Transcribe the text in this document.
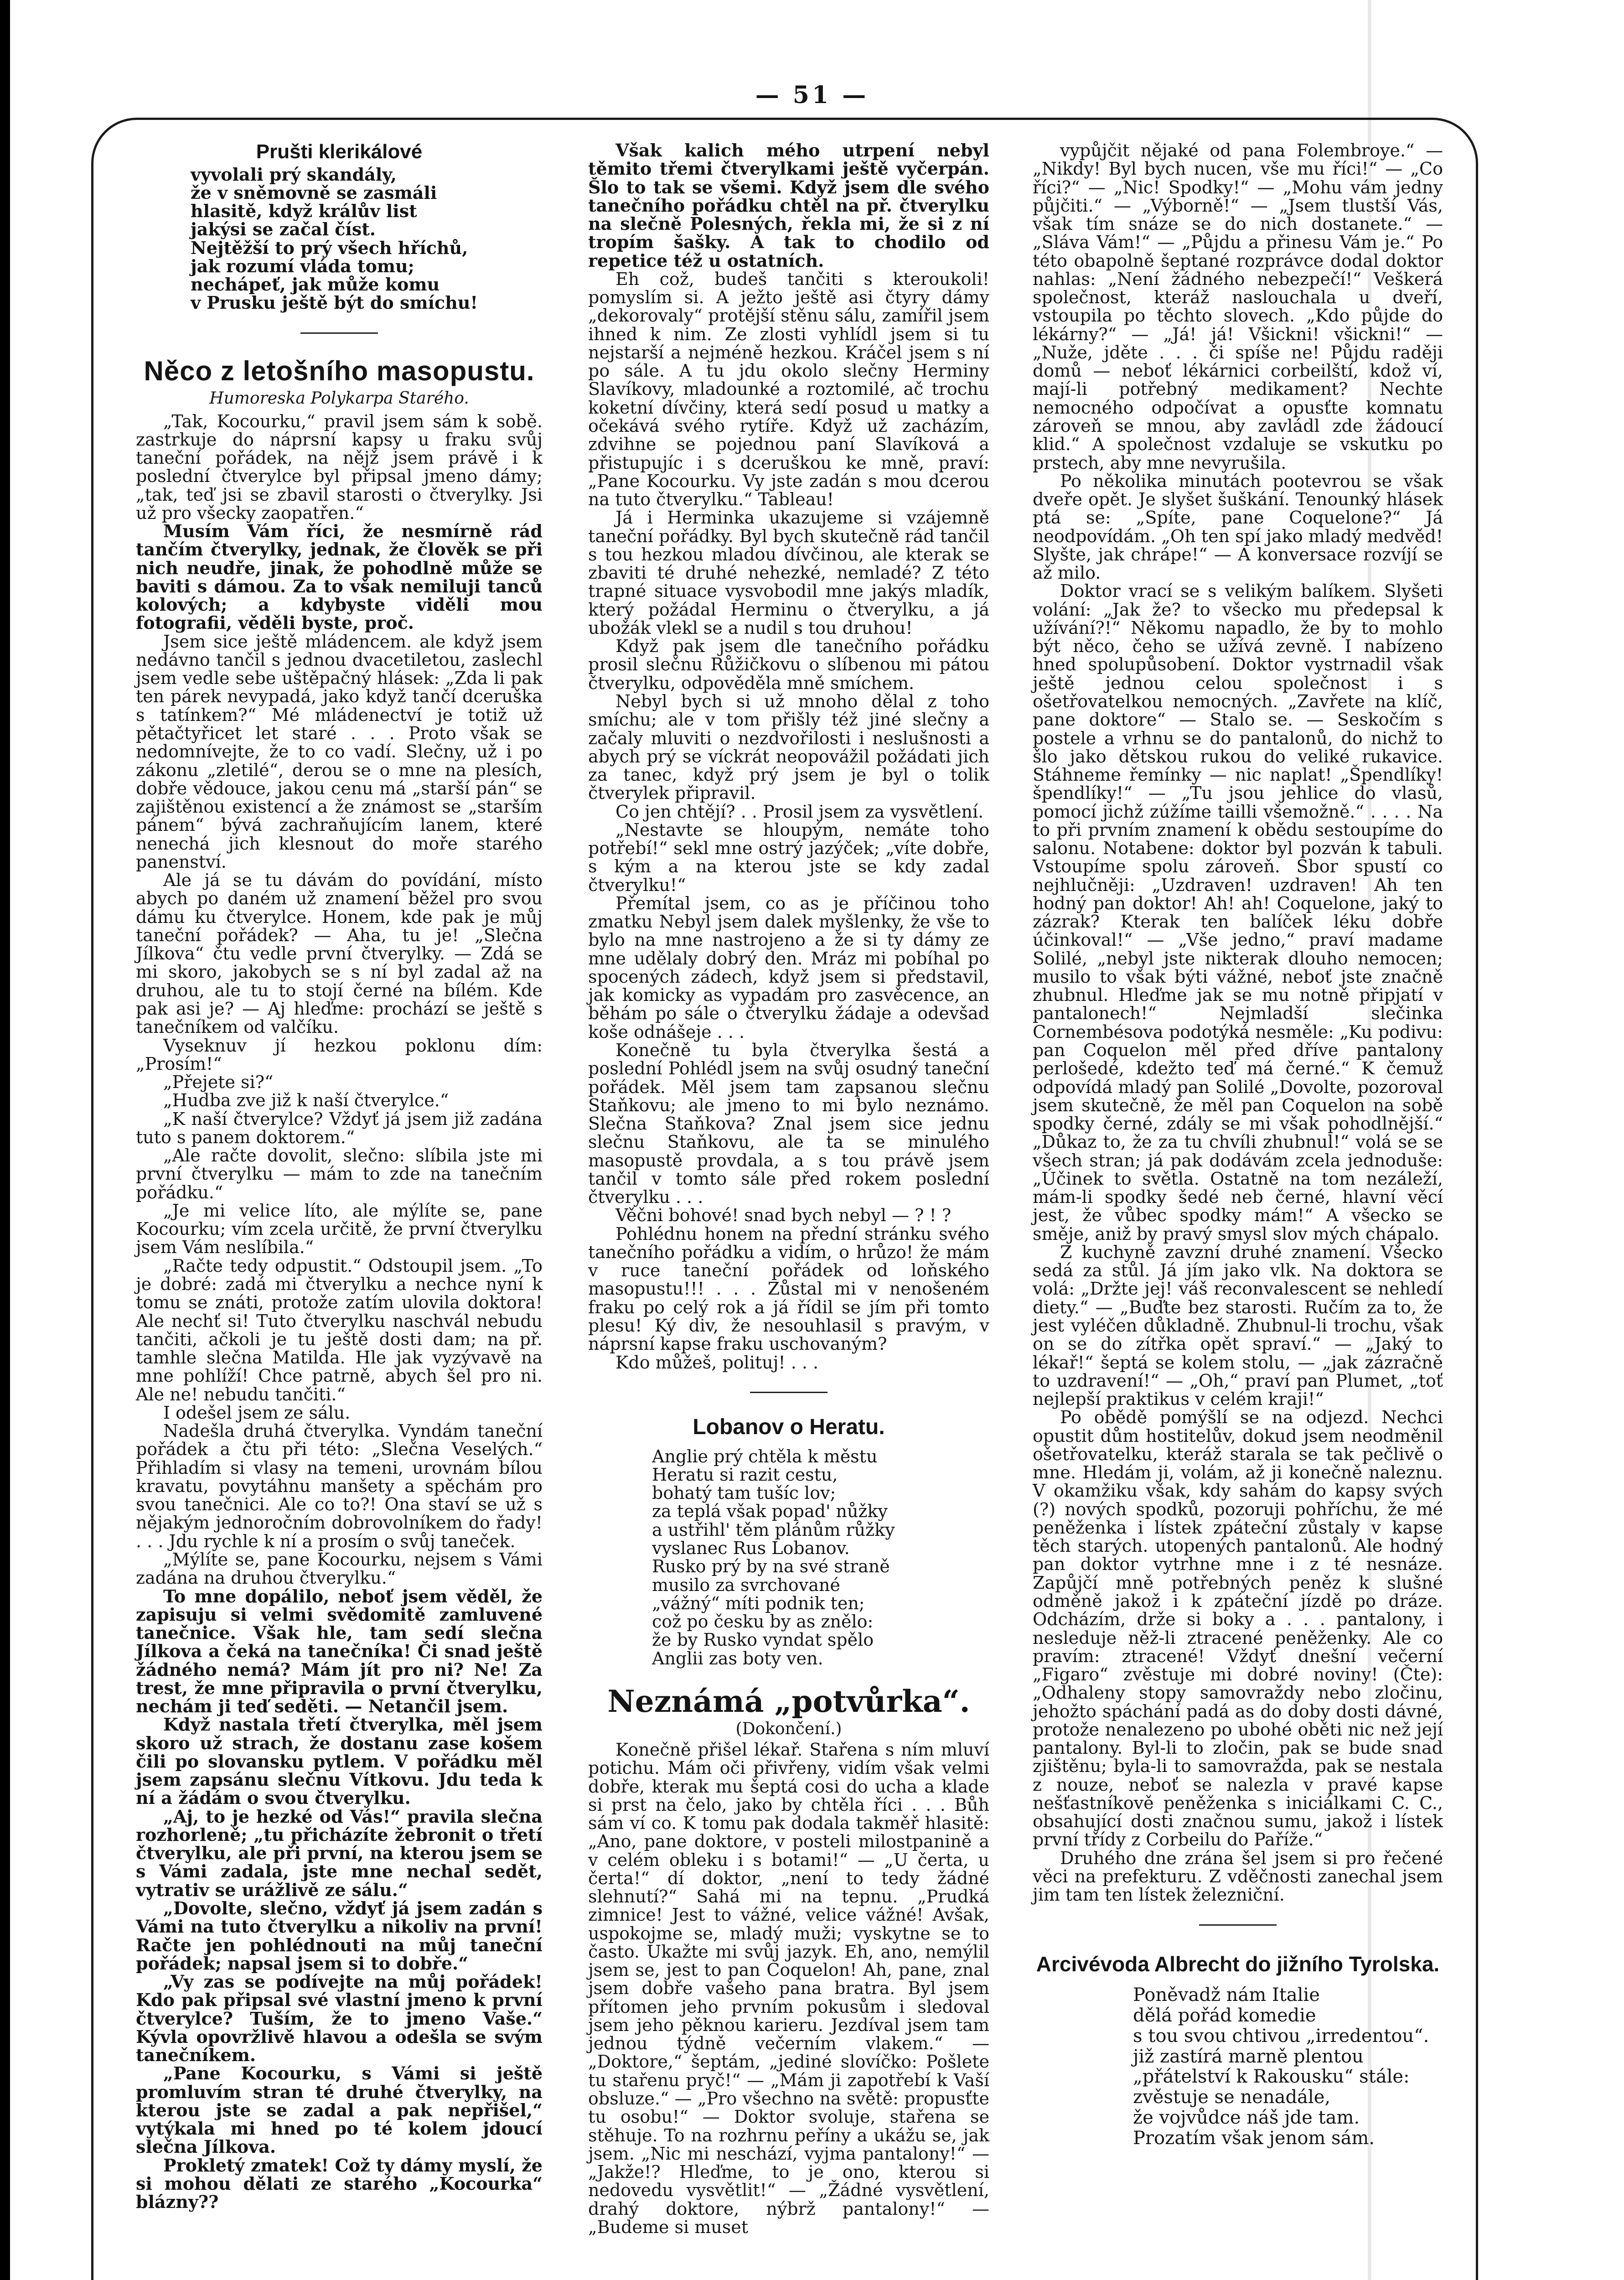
— 51 —
Prušti klerikálové
vyvolali prý skandály,
že v sněmovně se zasmáli
hlasitě, když králův list
jakýsi se začal číst.
Nejtěžší to prý všech hříchů,
jak rozumí vláda tomu;
nechápeť, jak může komu
v Prusku ještě být do smíchu!
Něco z letošního masopustu.
Humoreska Polykarpa Starého.

„Tak, Kocourku,“ pravil jsem sám k sobě. zastrkuje do náprsní kapsy u fraku svůj taneční pořádek, na nějž jsem právě i k poslední čtverylce byl připsal jmeno dámy; „tak, teď jsi se zbavil starosti o čtverylky. Jsi už pro všecky zaopatřen.“

Musím Vám říci, že nesmírně rád tančím čtverylky, jednak, že člověk se při nich neudře, jinak, že pohodlně může se baviti s dámou. Za to však nemiluji tanců kolových; a kdybyste viděli mou fotografii, věděli byste, proč.

Jsem sice ještě mládencem. ale když jsem nedávno tančil s jednou dvacetiletou, zaslechl jsem vedle sebe uštěpačný hlásek: „Zda li pak ten párek nevypadá, jako když tančí dceruška s tatínkem?“ Mé mládenectví je totiž už pětačtyřicet let staré . . . Proto však se nedomnívejte, že to co vadí. Slečny, už i po zákonu „zletilé“, derou se o mne na plesích, dobře vědouce, jakou cenu má „starší pán“ se zajištěnou existencí a že známost se „starším pánem“ bývá zachraňujícím lanem, které nenechá jich klesnout do moře starého panenství.

Ale já se tu dávám do povídání, místo abych po daném už znamení běžel pro svou dámu ku čtverylce. Honem, kde pak je můj taneční pořádek? — Aha, tu je! „Slečna Jílkova“ čtu vedle první čtverylky. — Zdá se mi skoro, jakobych se s ní byl zadal až na druhou, ale tu to stojí černé na bílém. Kde pak asi je? — Aj hleďme: prochází se ještě s tanečníkem od valčíku.

Vyseknuv jí hezkou poklonu dím: „Prosím!“

„Přejete si?“

„Hudba zve již k naší čtverylce.“

„K naší čtverylce? Vždyť já jsem již zadána tuto s panem doktorem.“

„Ale račte dovolit, slečno: slíbila jste mi první čtverylku — mám to zde na tanečním pořádku.“

„Je mi velice líto, ale mýlíte se, pane Kocourku; vím zcela určitě, že první čtverylku jsem Vám neslíbila.“

„Račte tedy odpustit.“ Odstoupil jsem. „To je dobré: zadá mi čtverylku a nechce nyní k tomu se znáti, protože zatím ulovila doktora! Ale nechť si! Tuto čtverylku naschvál nebudu tančiti, ačkoli je tu ještě dosti dam; na př. tamhle slečna Matilda. Hle jak vyzývavě na mne pohlíží! Chce patrně, abych šel pro ni. Ale ne! nebudu tančiti.“

I odešel jsem ze sálu.

Nadešla druhá čtverylka. Vyndám taneční pořádek a čtu při této: „Slečna Veselých.“ Přihladím si vlasy na temeni, urovnám bílou kravatu, povytáhnu manšety a spěchám pro svou tanečnici. Ale co to?! Ona staví se už s nějakým jednoročním dobrovolníkem do řady! . . . Jdu rychle k ní a prosím o svůj taneček.

„Mýlíte se, pane Kocourku, nejsem s Vámi zadána na druhou čtverylku.“

To mne dopálilo, neboť jsem věděl, že zapisuju si velmi svědomitě zamluvené tanečnice. Však hle, tam sedí slečna Jílkova a čeká na tanečníka! Či snad ještě žádného nemá? Mám jít pro ni? Ne! Za trest, že mne připravila o první čtverylku, nechám ji teď seděti. — Netančil jsem.

Když nastala třetí čtverylka, měl jsem skoro už strach, že dostanu zase košem čili po slovansku pytlem. V pořádku měl jsem zapsánu slečnu Vítkovu. Jdu teda k ní a žádám o svou čtverylku.

„Aj, to je hezké od Vás!“ pravila slečna rozhorleně; „tu přicházíte žebronit o třetí čtverylku, ale při první, na kterou jsem se s Vámi zadala, jste mne nechal sedět, vytrativ se urážlivě ze sálu.“

„Dovolte, slečno, vždyť já jsem zadán s Vámi na tuto čtverylku a nikoliv na první! Račte jen pohlédnouti na můj taneční pořádek; napsal jsem si to dobře.“

„Vy zas se podívejte na můj pořádek! Kdo pak připsal své vlastní jmeno k první čtverylce? Tuším, že to jmeno Vaše.“ Kývla opovržlivě hlavou a odešla se svým tanečníkem.

„Pane Kocourku, s Vámi si ještě promluvím stran té druhé čtverylky, na kterou jste se zadal a pak nepřišel,“ vytýkala mi hned po té kolem jdoucí slečna Jílkova.

Prokletý zmatek! Což ty dámy myslí, že si mohou dělati ze starého „Kocourka“ blázny??

Však kalich mého utrpení nebyl těmito třemi čtverylkami ještě vyčerpán. Šlo to tak se všemi. Když jsem dle svého tanečního pořádku chtěl na př. čtverylku na slečně Polesných, řekla mi, že si z ní tropím šašky. A tak to chodilo od repetice též u ostatních.

Eh což, budeš tančiti s kteroukoli! pomyslím si. A ježto ještě asi čtyry dámy „dekorovaly“ protější stěnu sálu, zamířil jsem ihned k nim. Ze zlosti vyhlídl jsem si tu nejstarší a nejméně hezkou. Kráčel jsem s ní po sále. A tu jdu okolo slečny Herminy Slavíkovy, mladounké a roztomilé, ač trochu koketní dívčiny, která sedí posud u matky a očekává svého rytíře. Když už zacházím, zdvihne se pojednou paní Slavíková a přistupujíc i s dceruškou ke mně, praví: „Pane Kocourku. Vy jste zadán s mou dcerou na tuto čtverylku.“ Tableau!

Já i Herminka ukazujeme si vzájemně taneční pořádky. Byl bych skutečně rád tančil s tou hezkou mladou dívčinou, ale kterak se zbaviti té druhé nehezké, nemladé? Z této trapné situace vysvobodil mne jakýs mladík, který požádal Herminu o čtverylku, a já ubožák vlekl se a nudil s tou druhou!

Když pak jsem dle tanečního pořádku prosil slečnu Růžičkovu o slíbenou mi pátou čtverylku, odpověděla mně smíchem.

Nebyl bych si už mnoho dělal z toho smíchu; ale v tom přišly též jiné slečny a začaly mluviti o nezdvořilosti i neslušnosti a abych prý se víckrát neopovážil požádati jich za tanec, když prý jsem je byl o tolik čtverylek připravil.

Co jen chtějí? . . Prosil jsem za vysvětlení.

„Nestavte se hloupým, nemáte toho potřebí!“ sekl mne ostrý jazýček; „víte dobře, s kým a na kterou jste se kdy zadal čtverylku!“

Přemítal jsem, co as je příčinou toho zmatku Nebyl jsem dalek myšlenky, že vše to bylo na mne nastrojeno a že si ty dámy ze mne udělaly dobrý den. Mráz mi pobíhal po spocených zádech, když jsem si představil, jak komicky as vypadám pro zasvěcence, an běhám po sále o čtverylku žádaje a odevšad koše odnášeje . . .

Konečně tu byla čtverylka šestá a poslední Pohlédl jsem na svůj osudný taneční pořádek. Měl jsem tam zapsanou slečnu Staňkovu; ale jmeno to mi bylo neznámo. Slečna Staňkova? Znal jsem sice jednu slečnu Staňkovu, ale ta se minulého masopustě provdala, a s tou právě jsem tančil v tomto sále před rokem poslední čtverylku . . .

Věčni bohové! snad bych nebyl — ? ! ?

Pohlédnu honem na přední stránku svého tanečního pořádku a vidím, o hrůzo! že mám v ruce taneční pořádek od loňského masopustu!!! . . . Zůstal mi v nenošeném fraku po celý rok a já řídil se jím při tomto plesu! Ký div, že nesouhlasil s pravým, v náprsní kapse fraku uschovaným?

Kdo můžeš, polituj! . . .

Lobanov o Heratu.
Anglie prý chtěla k městu
Heratu si razit cestu,
bohatý tam tušíc lov;
za teplá však popad' nůžky
a ustřihl' těm plánům růžky
vyslanec Rus Lobanov.
Rusko prý by na své straně
musilo za svrchované
„vážný“ míti podnik ten;
což po česku by as znělo:
že by Rusko vyndat spělo
Anglii zas boty ven.
Neznámá „potvůrka“.
(Dokončení.)

Konečně přišel lékař. Stařena s ním mluví potichu. Mám oči přivřeny, vidím však velmi dobře, kterak mu šeptá cosi do ucha a klade si prst na čelo, jako by chtěla říci . . . Bůh sám ví co. K tomu pak dodala takměř hlasitě: „Ano, pane doktore, v posteli milostpanině a v celém obleku i s botami!“ — „U čerta, u čerta!“ dí doktor, „není to tedy žádné slehnutí?“ Sahá mi na tepnu. „Prudká zimnice! Jest to vážné, velice vážné! Avšak, uspokojme se, mladý muži; vyskytne se to často. Ukažte mi svůj jazyk. Eh, ano, nemýlil jsem se, jest to pan Coquelon! Ah, pane, znal jsem dobře vašeho pana bratra. Byl jsem přítomen jeho prvním pokusům i sledoval jsem jeho pěknou karieru. Jezdíval jsem tam jednou týdně večerním vlakem.“ — „Doktore,“ šeptám, „jediné slovíčko: Pošlete tu stařenu pryč!“ — „Mám ji zapotřebí k Vaší obsluze.“ — „Pro všechno na světě: propusťte tu osobu!“ — Doktor svoluje, stařena se stěhuje. To na rozhrnu peříny a ukážu se, jak jsem. „Nic mi neschází, vyjma pantalony!“ — „Jakže!? Hleďme, to je ono, kterou si nedovedu vysvětlit!“ — „Žádné vysvětlení, drahý doktore, nýbrž pantalony!“ — „Budeme si muset

vypůjčit nějaké od pana Folembroye.“ — „Nikdy! Byl bych nucen, vše mu říci!“ — „Co říci?“ — „Nic! Spodky!“ — „Mohu vám jedny půjčiti.“ — „Výborně!“ — „Jsem tlustší Vás, však tím snáze se do nich dostanete.“ — „Sláva Vám!“ — „Půjdu a přinesu Vám je.“ Po této obapolně šeptané rozprávce dodal doktor nahlas: „Není žádného nebezpečí!“ Veškerá společnost, kteráž naslouchala u dveří, vstoupila po těchto slovech. „Kdo půjde do lékárny?“ — „Já! já! Všickni! všickni!“ — „Nuže, jděte . . . či spíše ne! Půjdu raději domů — neboť lékárnici corbeilští, kdož ví, mají-li potřebný medikament? Nechte nemocného odpočívat a opusťte komnatu zároveň se mnou, aby zavládl zde žádoucí klid.“ A společnost vzdaluje se vskutku po prstech, aby mne nevyrušila.

Po několika minutách pootevrou se však dveře opět. Je slyšet šuškání. Tenounký hlásek ptá se: „Spíte, pane Coquelone?“ Já neodpovídám. „Oh ten spí jako mladý medvěd! Slyšte, jak chrápe!“ — A konversace rozvíjí se až milo.

Doktor vrací se s velikým balíkem. Slyšeti volání: „Jak že? to všecko mu předepsal k užívání?!“ Někomu napadlo, že by to mohlo být něco, čeho se užívá zevně. I nabízeno hned spolupůsobení. Doktor vystrnadil však ještě jednou celou společnost i s ošetřovatelkou nemocných. „Zavřete na klíč, pane doktore“ — Stalo se. — Seskočím s postele a vrhnu se do pantalonů, do nichž to šlo jako dětskou rukou do veliké rukavice. Stáhneme řemínky — nic naplat! „Špendlíky! špendlíky!“ — „Tu jsou jehlice do vlasů, pomocí jichž zúžíme tailli všemožně.“ . . . . Na to při prvním znamení k obědu sestoupíme do salonu. Notabene: doktor byl pozván k tabuli. Vstoupíme spolu zároveň. Sbor spustí co nejhlučněji: „Uzdraven! uzdraven! Ah ten hodný pan doktor! Ah! ah! Coquelone, jaký to zázrak? Kterak ten balíček léku dobře účinkoval!“ — „Vše jedno,“ praví madame Solilé, „nebyl jste nikterak dlouho nemocen; musilo to však býti vážné, neboť jste značně zhubnul. Hleďme jak se mu notně připjatí v pantalonech!“ Nejmladší slečinka Cornembésova podotýká nesměle: „Ku podivu: pan Coquelon měl před dříve pantalony perlošedé, kdežto teď má černé.“ K čemuž odpovídá mladý pan Solilé „Dovolte, pozoroval jsem skutečně, že měl pan Coquelon na sobě spodky černé, zdály se mi však pohodlnější.“ „Důkaz to, že za tu chvíli zhubnul!“ volá se se všech stran; já pak dodávám zcela jednoduše: „Účinek to světla. Ostatně na tom nezáleží, mám-li spodky šedé neb černé, hlavní věcí jest, že vůbec spodky mám!“ A všecko se směje, aniž by pravý smysl slov mých chápalo.

Z kuchyně zavzní druhé znamení. Všecko sedá za stůl. Já jím jako vlk. Na doktora se volá: „Držte jej! váš reconvalescent se nehledí diety.“ — „Buďte bez starosti. Ručím za to, že jest vyléčen důkladně. Zhubnul-li trochu, však on se do zítřka opět spraví.“ — „Jaký to lékař!“ šeptá se kolem stolu, — „jak zázračně to uzdravení!“ — „Oh,“ praví pan Plumet, „toť nejlepší praktikus v celém kraji!“

Po obědě pomýšlí se na odjezd. Nechci opustit dům hostitelův, dokud jsem neodměnil ošetřovatelku, kteráž starala se tak pečlivě o mne. Hledám ji, volám, až ji konečně naleznu. V okamžiku však, kdy sahám do kapsy svých (?) nových spodků, pozoruji pohříchu, že mé peněženka i lístek zpáteční zůstaly v kapse těch starých. utopených pantalonů. Ale hodný pan doktor vytrhne mne i z té nesnáze. Zapůjčí mně potřebných peněz k slušné odměně jakož i k zpáteční jízdě po dráze. Odcházím, drže si boky a . . . pantalony, i nesleduje něž-li ztracené peněženky. Ale co pravím: ztracené! Vždyť dnešní večerní „Figaro“ zvěstuje mi dobré noviny! (Čte): „Odhaleny stopy samovraždy nebo zločinu, jehožto spáchání padá as do doby dosti dávné, protože nenalezeno po ubohé oběti nic než její pantalony. Byl-li to zločin, pak se bude snad zjištěnu; byla-li to samovražda, pak se nestala z nouze, neboť se nalezla v pravé kapse nešťastníkově peněženka s iniciálkami C. C., obsahující dosti značnou sumu, jakož i lístek první třídy z Corbeilu do Paříže.“

Druhého dne zrána šel jsem si pro řečené věci na prefekturu. Z vděčnosti zanechal jsem jim tam ten lístek železniční.

Arcivévoda Albrecht do jižního Tyrolska.
Poněvadž nám Italie
dělá pořád komedie
s tou svou chtivou „irredentou“.
již zastírá marně plentou
„přátelství k Rakousku“ stále:
zvěstuje se nenadále,
že vojvůdce náš jde tam.
Prozatím však jenom sám.
